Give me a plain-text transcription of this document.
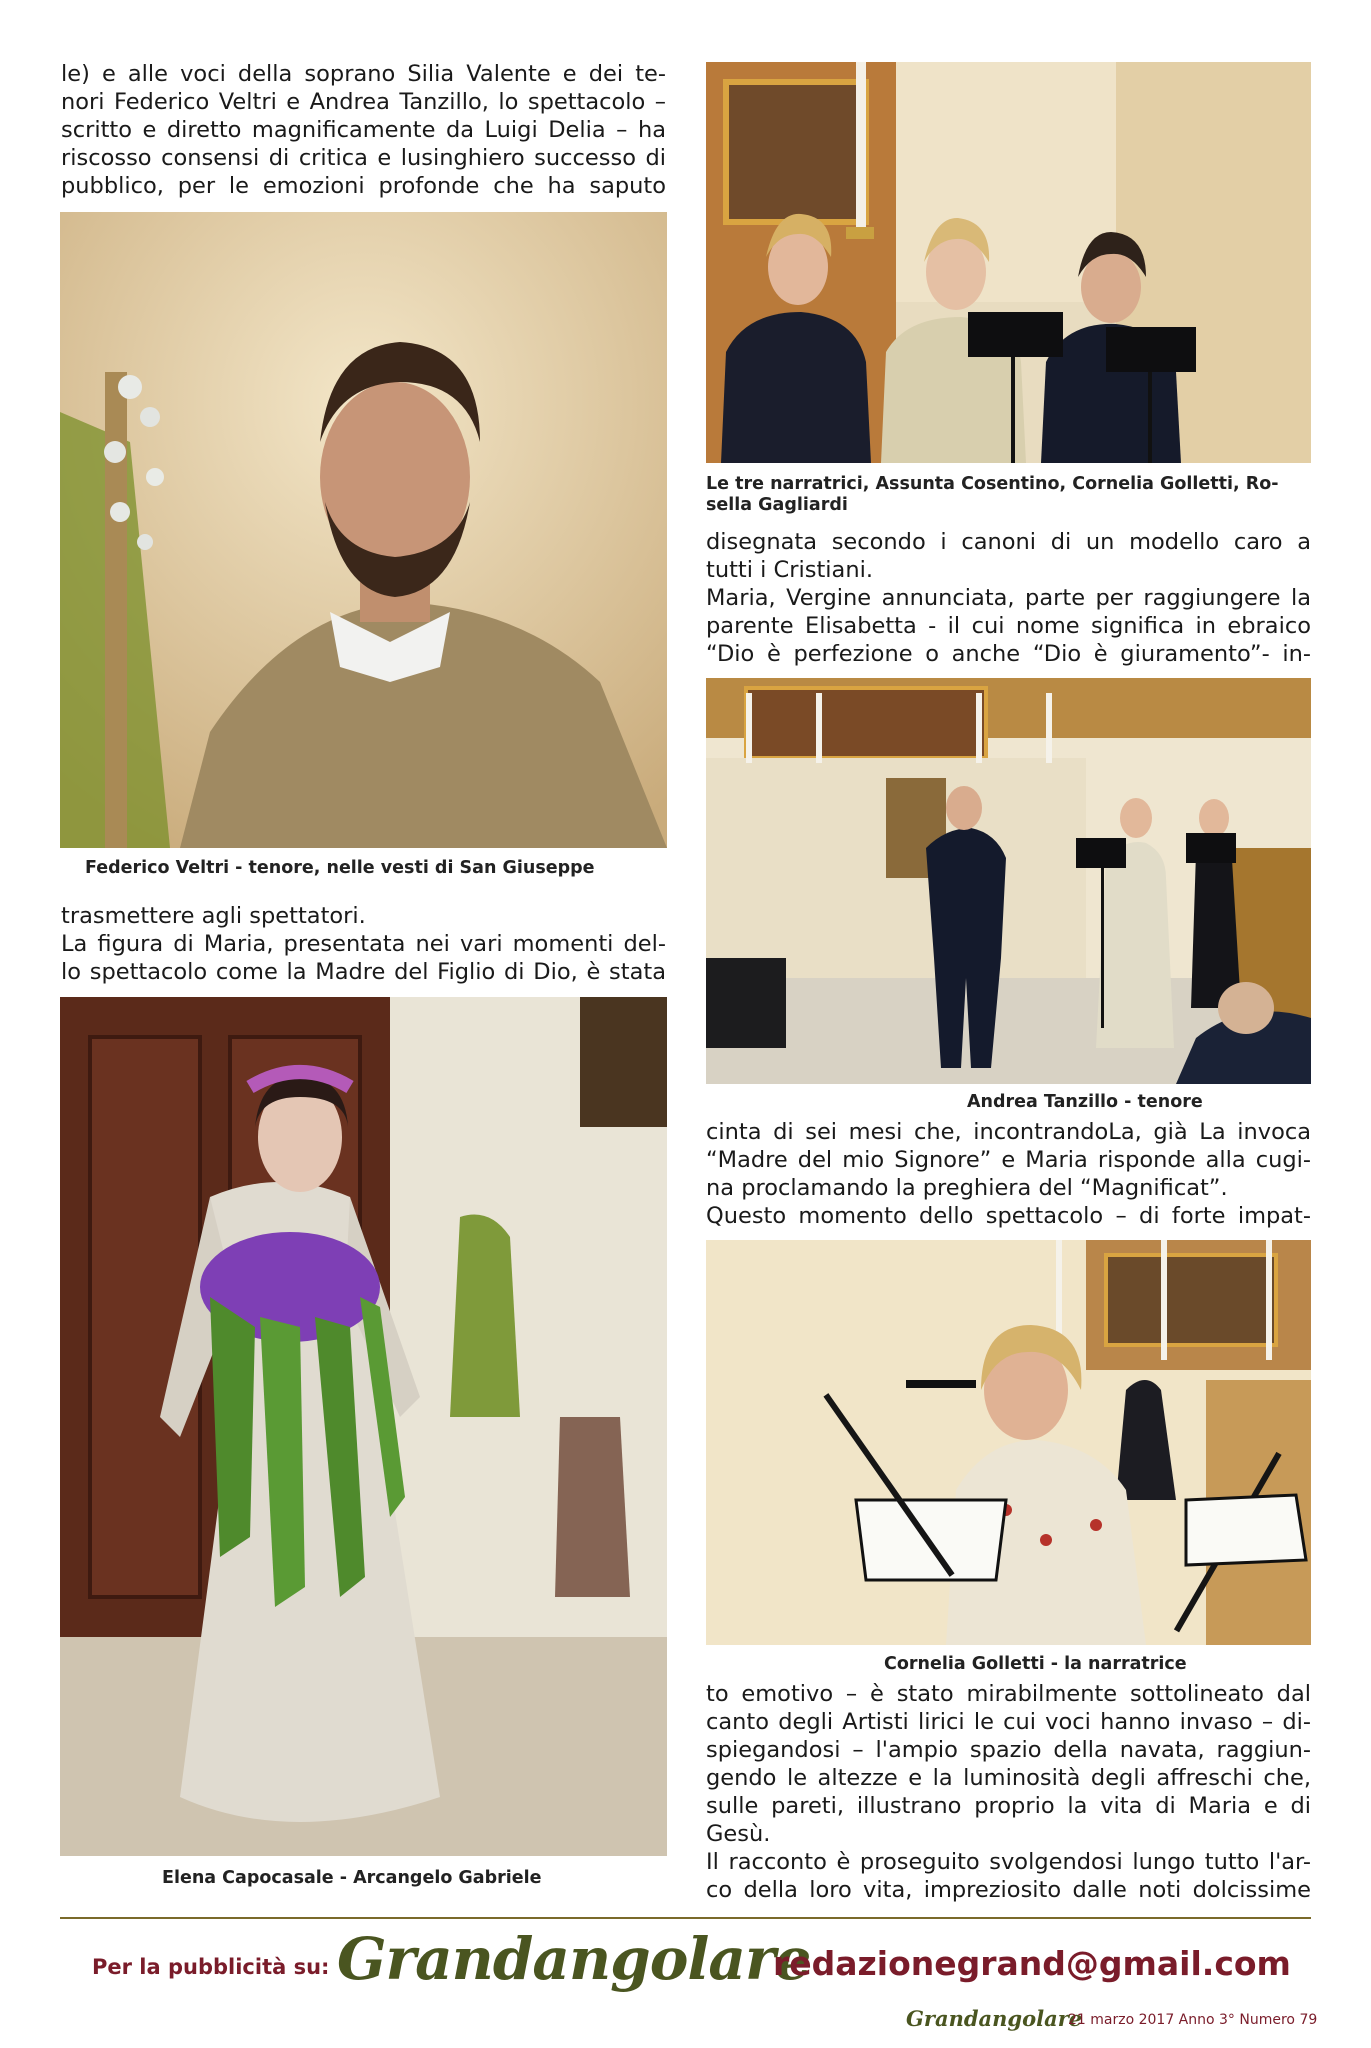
le) e alle voci della soprano Silia Valente e dei te-
nori Federico Veltri e Andrea Tanzillo, lo spettacolo –
scritto e diretto magnificamente da Luigi Delia – ha
riscosso consensi di critica e lusinghiero successo di
pubblico, per le emozioni profonde che ha saputo

Federico Veltri - tenore, nelle vesti di San Giuseppe

trasmettere agli spettatori.
La figura di Maria, presentata nei vari momenti del-
lo spettacolo come la Madre del Figlio di Dio, è stata

Elena Capocasale - Arcangelo Gabriele
Le tre narratrici, Assunta Cosentino, Cornelia Golletti, Ro-
sella Gagliardi

disegnata secondo i canoni di un modello caro a
tutti i Cristiani.
Maria, Vergine annunciata, parte per raggiungere la
parente Elisabetta - il cui nome significa in ebraico
“Dio è perfezione o anche “Dio è giuramento”- in-

Andrea Tanzillo - tenore

cinta di sei mesi che, incontrandoLa, già La invoca
“Madre del mio Signore” e Maria risponde alla cugi-
na proclamando la preghiera del “Magnificat”.
Questo momento dello spettacolo – di forte impat-

Cornelia Golletti - la narratrice

to emotivo – è stato mirabilmente sottolineato dal
canto degli Artisti lirici le cui voci hanno invaso – di-
spiegandosi – l'ampio spazio della navata, raggiun-
gendo le altezze e la luminosità degli affreschi che,
sulle pareti, illustrano proprio la vita di Maria e di
Gesù.
Il racconto è proseguito svolgendosi lungo tutto l'ar-
co della loro vita, impreziosito dalle noti dolcissime

Per la pubblicità su: Grandangolare
redazionegrand@gmail.com
Grandangolare
21 marzo 2017 Anno 3° Numero 79
